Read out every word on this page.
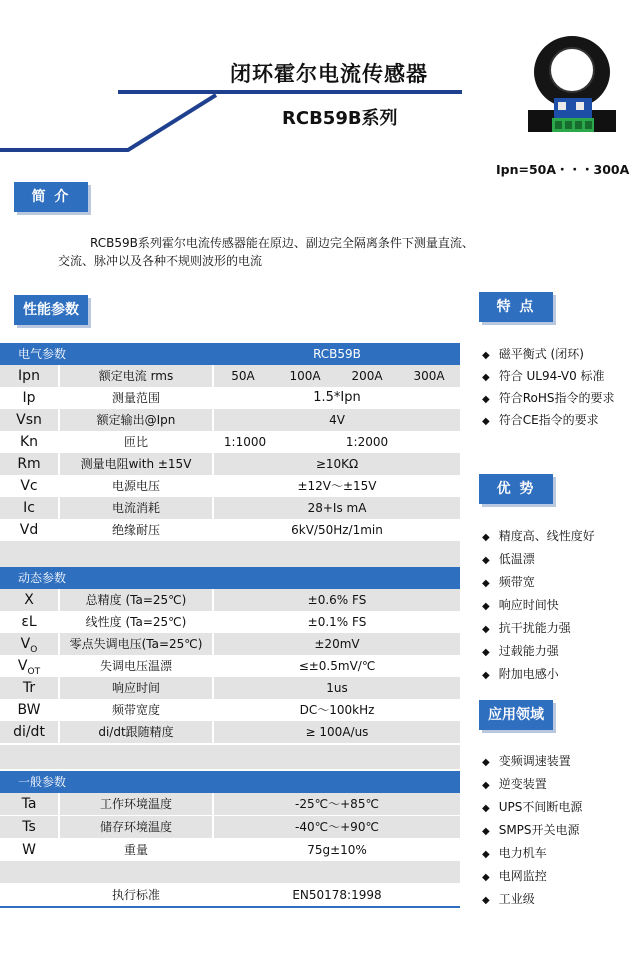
闭环霍尔电流传感器
RCB59B系列
Ipn=50A・・・300A
简 介
RCB59B系列霍尔电流传感器能在原边、副边完全隔离条件下测量直流、交流、脉冲以及各种不规则波形的电流
性能参数
电气参数	RCB59B
Ipn	额定电流 rms	50A	100A	200A	300A
Ip	测量范围	1.5*Ipn
Vsn	额定输出@Ipn	4V
Kn	匝比	1:1000	1:2000
Rm	测量电阻with ±15V	≥10KΩ
Vc	电源电压	±12V～±15V
Ic	电流消耗	28+Is mA
Vd	绝缘耐压	6kV/50Hz/1min
动态参数
X	总精度 (Ta=25℃)	±0.6% FS
εL	线性度 (Ta=25℃)	±0.1% FS
$V_O$	零点失调电压(Ta=25℃)	±20mV
$V_{OT}$	失调电压温漂	≤±0.5mV/℃
Tr	响应时间	1us
BW	频带宽度	DC～100kHz
di/dt	di/dt跟随精度	≥ 100A/us
一般参数
Ta	工作环境温度	-25℃～+85℃
Ts	储存环境温度	-40℃～+90℃
W	重量	75g±10%
执行标准	EN50178:1998
特 点
◆ 磁平衡式 (闭环)
◆ 符合 UL94-V0 标准
◆ 符合RoHS指令的要求
◆ 符合CE指令的要求
优 势
◆ 精度高、线性度好
◆ 低温漂
◆ 频带宽
◆ 响应时间快
◆ 抗干扰能力强
◆ 过载能力强
◆ 附加电感小
应用领域
◆ 变频调速装置
◆ 逆变装置
◆ UPS不间断电源
◆ SMPS开关电源
◆ 电力机车
◆ 电网监控
◆ 工业级
